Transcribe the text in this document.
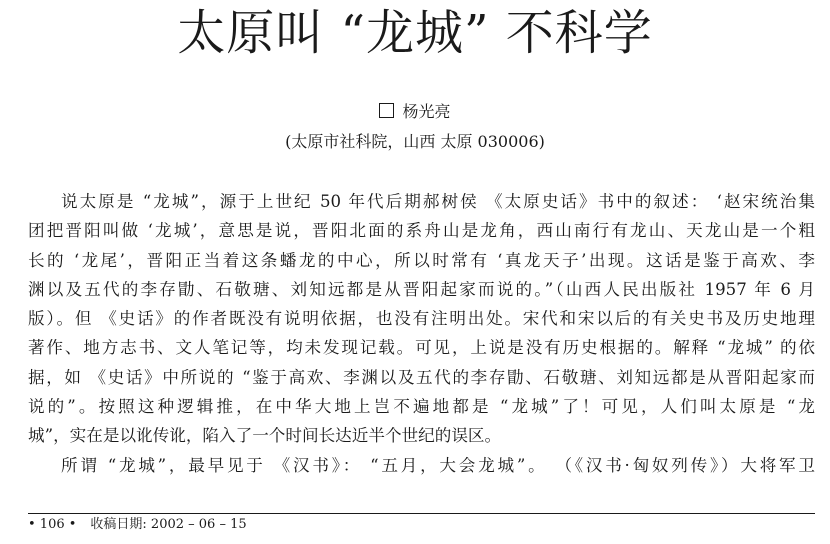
太原叫 “龙城” 不科学
杨光亮
(太原市社科院，山西 太原 030006)
说太原是 “龙城”，源于上世纪 50 年代后期郝树侯 《太原史话》书中的叙述： ‘赵宋统治集
团把晋阳叫做 ‘龙城’，意思是说，晋阳北面的系舟山是龙角，西山南行有龙山、天龙山是一个粗
长的 ‘龙尾’，晋阳正当着这条蟠龙的中心，所以时常有 ‘真龙天子’出现。这话是鉴于高欢、李
渊以及五代的李存勖、石敬瑭、刘知远都是从晋阳起家而说的。”（山西人民出版社 1957 年 6 月
版）。但 《史话》的作者既没有说明依据，也没有注明出处。宋代和宋以后的有关史书及历史地理
著作、地方志书、文人笔记等，均未发现记载。可见，上说是没有历史根据的。解释 “龙城” 的依
据，如 《史话》中所说的 “鉴于高欢、李渊以及五代的李存勖、石敬瑭、刘知远都是从晋阳起家而
说的”。按照这种逻辑推，在中华大地上岂不遍地都是 “龙城”了！可见，人们叫太原是 “龙
城”，实在是以讹传讹，陷入了一个时间长达近半个世纪的误区。
所谓 “龙城”，最早见于 《汉书》： “五月，大会龙城”。 （《汉书·匈奴列传》）大将军卫
• 106 • 收稿日期: 2002 – 06 – 15
